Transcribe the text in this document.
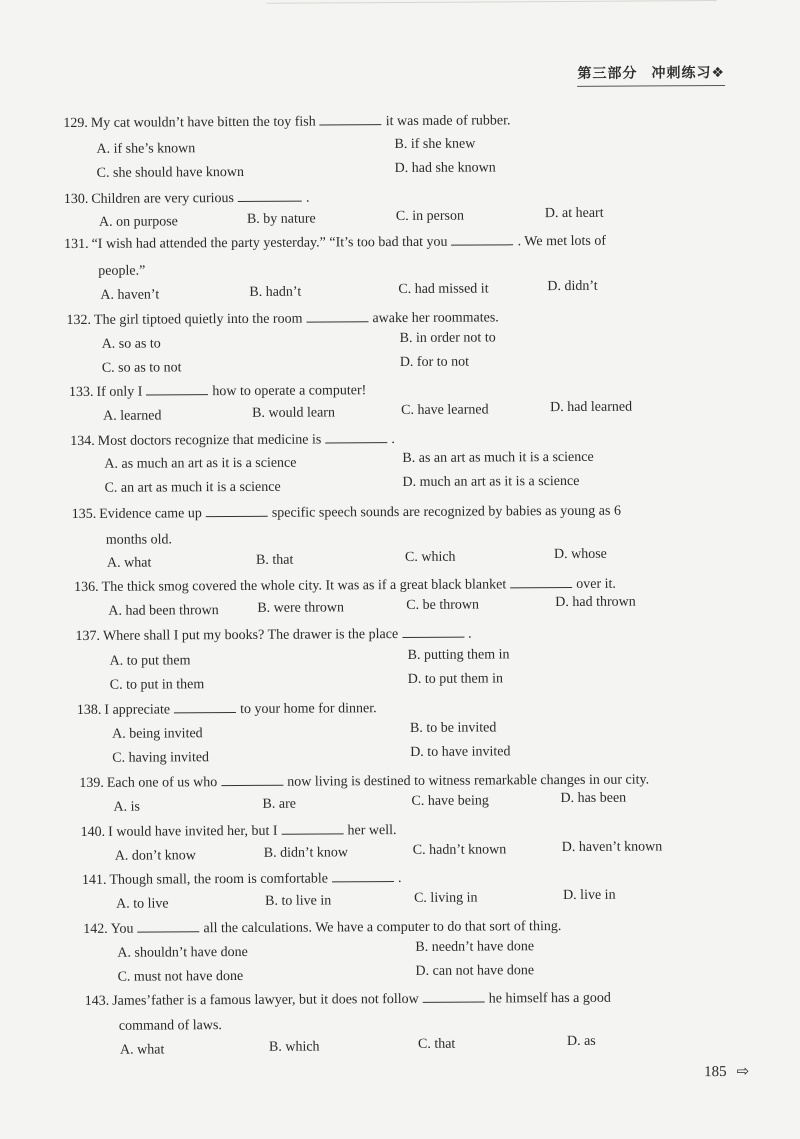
第三部分 冲刺练习❖
129. My cat wouldn’t have bitten the toy fish	it was made of rubber.
A. if she’s known	B. if she knew
C. she should have known	D. had she known
130. Children are very curious	.
A. on purpose	B. by nature	C. in person	D. at heart
131. “I wish had attended the party yesterday.” “It’s too bad that you	. We met lots of
people.”
A. haven’t	B. hadn’t	C. had missed it	D. didn’t
132. The girl tiptoed quietly into the room	awake her roommates.
A. so as to	B. in order not to
C. so as to not	D. for to not
133. If only I	how to operate a computer!
A. learned	B. would learn	C. have learned	D. had learned
134. Most doctors recognize that medicine is	.
A. as much an art as it is a science	B. as an art as much it is a science
C. an art as much it is a science	D. much an art as it is a science
135. Evidence came up	specific speech sounds are recognized by babies as young as 6
months old.
A. what	B. that	C. which	D. whose
136. The thick smog covered the whole city. It was as if a great black blanket	over it.
A. had been thrown	B. were thrown	C. be thrown	D. had thrown
137. Where shall I put my books? The drawer is the place	.
A. to put them	B. putting them in
C. to put in them	D. to put them in
138. I appreciate	to your home for dinner.
A. being invited	B. to be invited
C. having invited	D. to have invited
139. Each one of us who	now living is destined to witness remarkable changes in our city.
A. is	B. are	C. have being	D. has been
140. I would have invited her, but I	her well.
A. don’t know	B. didn’t know	C. hadn’t known	D. haven’t known
141. Though small, the room is comfortable	.
A. to live	B. to live in	C. living in	D. live in
142. You	all the calculations. We have a computer to do that sort of thing.
A. shouldn’t have done	B. needn’t have done
C. must not have done	D. can not have done
143. James’father is a famous lawyer, but it does not follow	he himself has a good
command of laws.
A. what	B. which	C. that	D. as
185 ⇨
